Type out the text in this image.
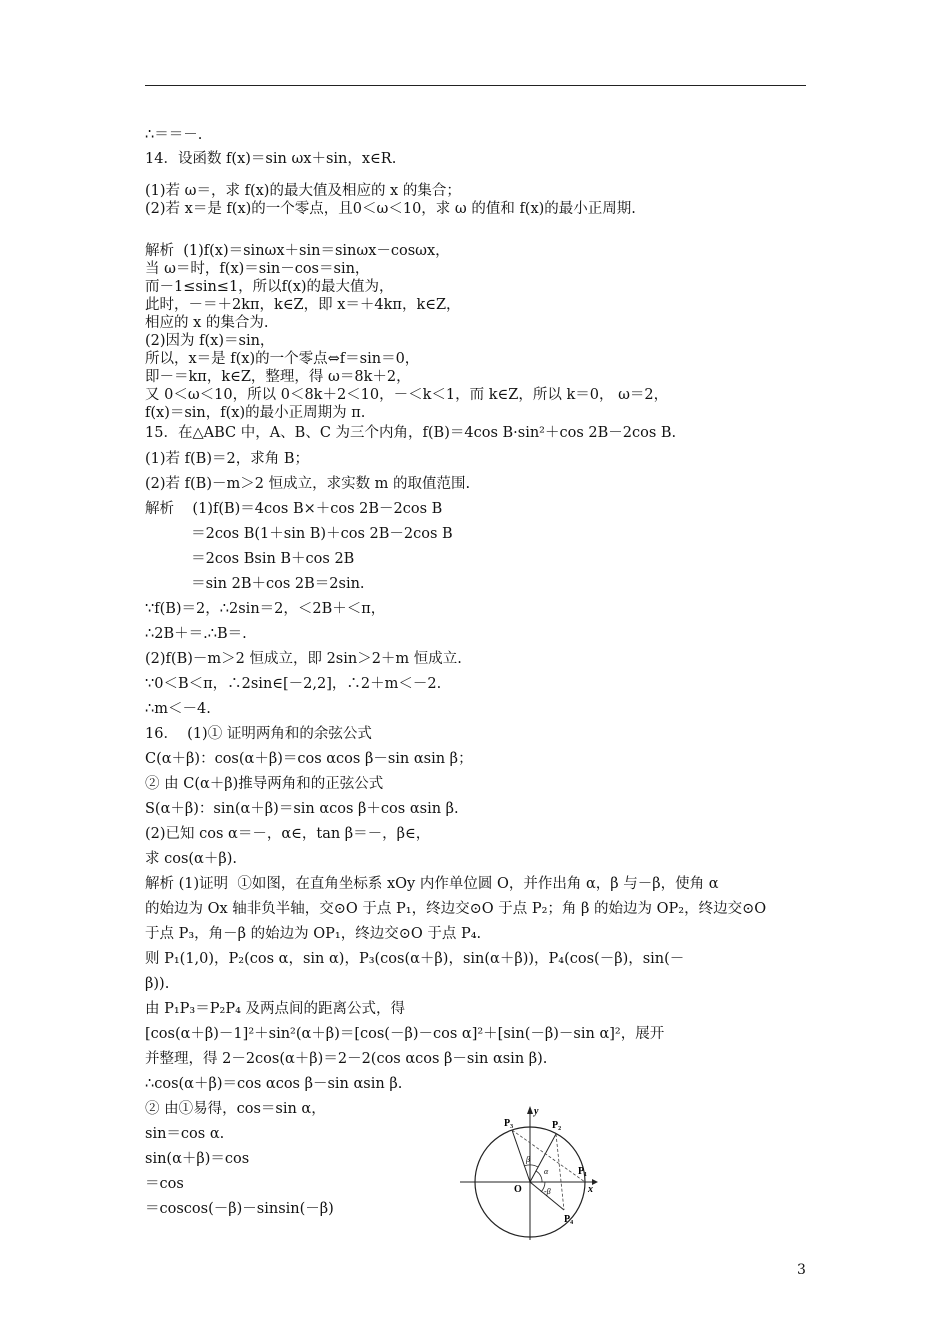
∴＝＝－.
14．设函数 f(x)＝sin ωx＋sin，x∈R.
(1)若 ω＝，求 f(x)的最大值及相应的 x 的集合；
(2)若 x＝是 f(x)的一个零点，且0＜ω＜10，求 ω 的值和 f(x)的最小正周期.
解析  (1)f(x)＝sinωx＋sin＝sinωx－cosωx，
当 ω＝时，f(x)＝sin－cos＝sin，
而－1≤sin≤1，所以f(x)的最大值为，
此时，－＝＋2kπ，k∈Z，即 x＝＋4kπ，k∈Z，
相应的 x 的集合为.
(2)因为 f(x)＝sin，
所以，x＝是 f(x)的一个零点⇔f＝sin＝0，
即－＝kπ，k∈Z，整理，得 ω＝8k＋2，
又 0＜ω＜10，所以 0＜8k＋2＜10，－＜k＜1，而 k∈Z，所以 k＝0， ω＝2，
f(x)＝sin，f(x)的最小正周期为 π.
15．在△ABC 中，A、B、C 为三个内角，f(B)＝4cos B·sin²＋cos 2B－2cos B.
(1)若 f(B)＝2，求角 B；
(2)若 f(B)－m＞2 恒成立，求实数 m 的取值范围.
解析    (1)f(B)＝4cos B×＋cos 2B－2cos B
＝2cos B(1＋sin B)＋cos 2B－2cos B
＝2cos Bsin B＋cos 2B
＝sin 2B＋cos 2B＝2sin.
∵f(B)＝2，∴2sin＝2，＜2B＋＜π，
∴2B＋＝.∴B＝.
(2)f(B)－m＞2 恒成立，即 2sin＞2＋m 恒成立.
∵0＜B＜π，∴2sin∈[－2,2]，∴2＋m＜－2.
∴m＜－4.
16．  (1)① 证明两角和的余弦公式
C(α＋β)：cos(α＋β)＝cos αcos β－sin αsin β；
② 由 C(α＋β)推导两角和的正弦公式
S(α＋β)：sin(α＋β)＝sin αcos β＋cos αsin β.
(2)已知 cos α＝－，α∈，tan β＝－，β∈，
求 cos(α＋β).
解析 (1)证明  ①如图，在直角坐标系 xOy 内作单位圆 O，并作出角 α，β 与－β，使角 α
的始边为 Ox 轴非负半轴，交⊙O 于点 P₁，终边交⊙O 于点 P₂；角 β 的始边为 OP₂，终边交⊙O
于点 P₃，角－β 的始边为 OP₁，终边交⊙O 于点 P₄.
则 P₁(1,0)，P₂(cos α，sin α)，P₃(cos(α＋β)，sin(α＋β))，P₄(cos(－β)，sin(－
β)).
由 P₁P₃＝P₂P₄ 及两点间的距离公式，得
[cos(α＋β)－1]²＋sin²(α＋β)＝[cos(－β)－cos α]²＋[sin(－β)－sin α]²，展开
并整理，得 2－2cos(α＋β)＝2－2(cos αcos β－sin αsin β).
∴cos(α＋β)＝cos αcos β－sin αsin β.
② 由①易得，cos＝sin α，
sin＝cos α.
sin(α＋β)＝cos
＝cos
＝coscos(－β)－sinsin(－β)
P₃	P₂
P₁
P₄
O	x
y
α
β
-β
3
